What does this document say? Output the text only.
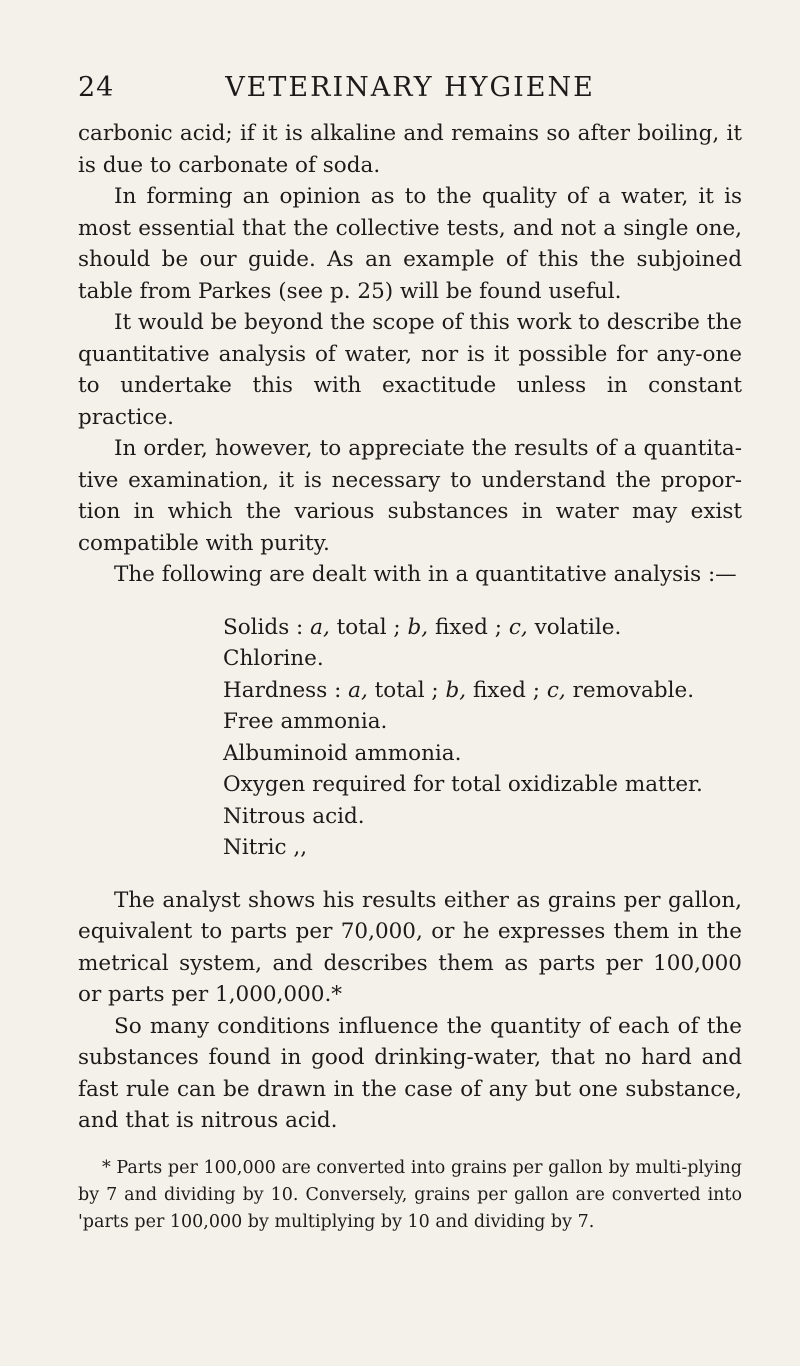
24	VETERINARY HYGIENE

carbonic acid; if it is alkaline and remains so after boiling, it is due to carbonate of soda.

In forming an opinion as to the quality of a water, it is most essential that the collective tests, and not a single one, should be our guide. As an example of this the subjoined table from Parkes (see p. 25) will be found useful.

It would be beyond the scope of this work to describe the quantitative analysis of water, nor is it possible for any-one to undertake this with exactitude unless in constant practice.

In order, however, to appreciate the results of a quantita-tive examination, it is necessary to understand the propor-tion in which the various substances in water may exist compatible with purity.

The following are dealt with in a quantitative analysis :—

Solids : a, total ; b, fixed ; c, volatile.
Chlorine.
Hardness : a, total ; b, fixed ; c, removable.
Free ammonia.
Albuminoid ammonia.
Oxygen required for total oxidizable matter.
Nitrous acid.
Nitric ,,

The analyst shows his results either as grains per gallon, equivalent to parts per 70,000, or he expresses them in the metrical system, and describes them as parts per 100,000 or parts per 1,000,000.*

So many conditions influence the quantity of each of the substances found in good drinking-water, that no hard and fast rule can be drawn in the case of any but one substance, and that is nitrous acid.

* Parts per 100,000 are converted into grains per gallon by multi-plying by 7 and dividing by 10. Conversely, grains per gallon are converted into 'parts per 100,000 by multiplying by 10 and dividing by 7.
